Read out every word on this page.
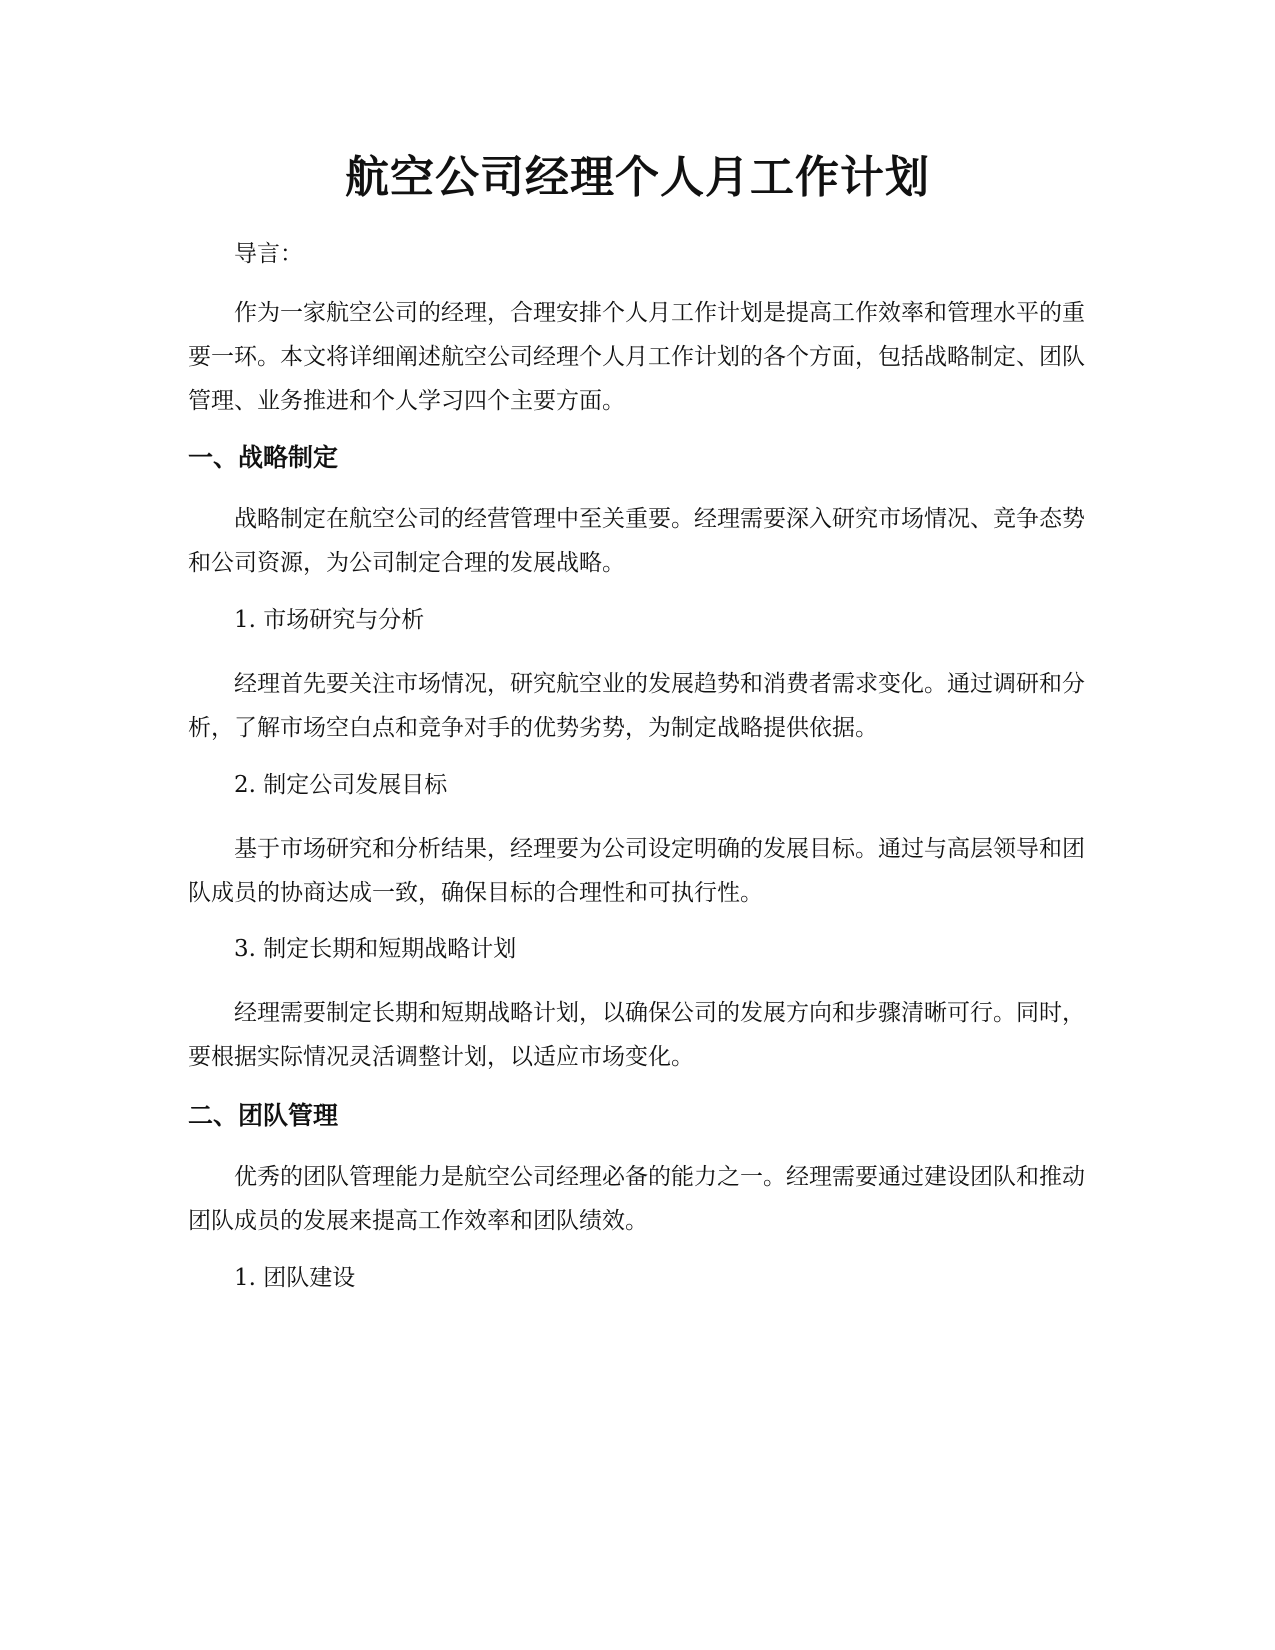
航空公司经理个人月工作计划

导言：

作为一家航空公司的经理，合理安排个人月工作计划是提高工作效率和管理水平的重要一环。本文将详细阐述航空公司经理个人月工作计划的各个方面，包括战略制定、团队管理、业务推进和个人学习四个主要方面。

一、战略制定

战略制定在航空公司的经营管理中至关重要。经理需要深入研究市场情况、竞争态势和公司资源，为公司制定合理的发展战略。

1. 市场研究与分析

经理首先要关注市场情况，研究航空业的发展趋势和消费者需求变化。通过调研和分析，了解市场空白点和竞争对手的优势劣势，为制定战略提供依据。

2. 制定公司发展目标

基于市场研究和分析结果，经理要为公司设定明确的发展目标。通过与高层领导和团队成员的协商达成一致，确保目标的合理性和可执行性。

3. 制定长期和短期战略计划

经理需要制定长期和短期战略计划，以确保公司的发展方向和步骤清晰可行。同时，要根据实际情况灵活调整计划，以适应市场变化。

二、团队管理

优秀的团队管理能力是航空公司经理必备的能力之一。经理需要通过建设团队和推动团队成员的发展来提高工作效率和团队绩效。

1. 团队建设
